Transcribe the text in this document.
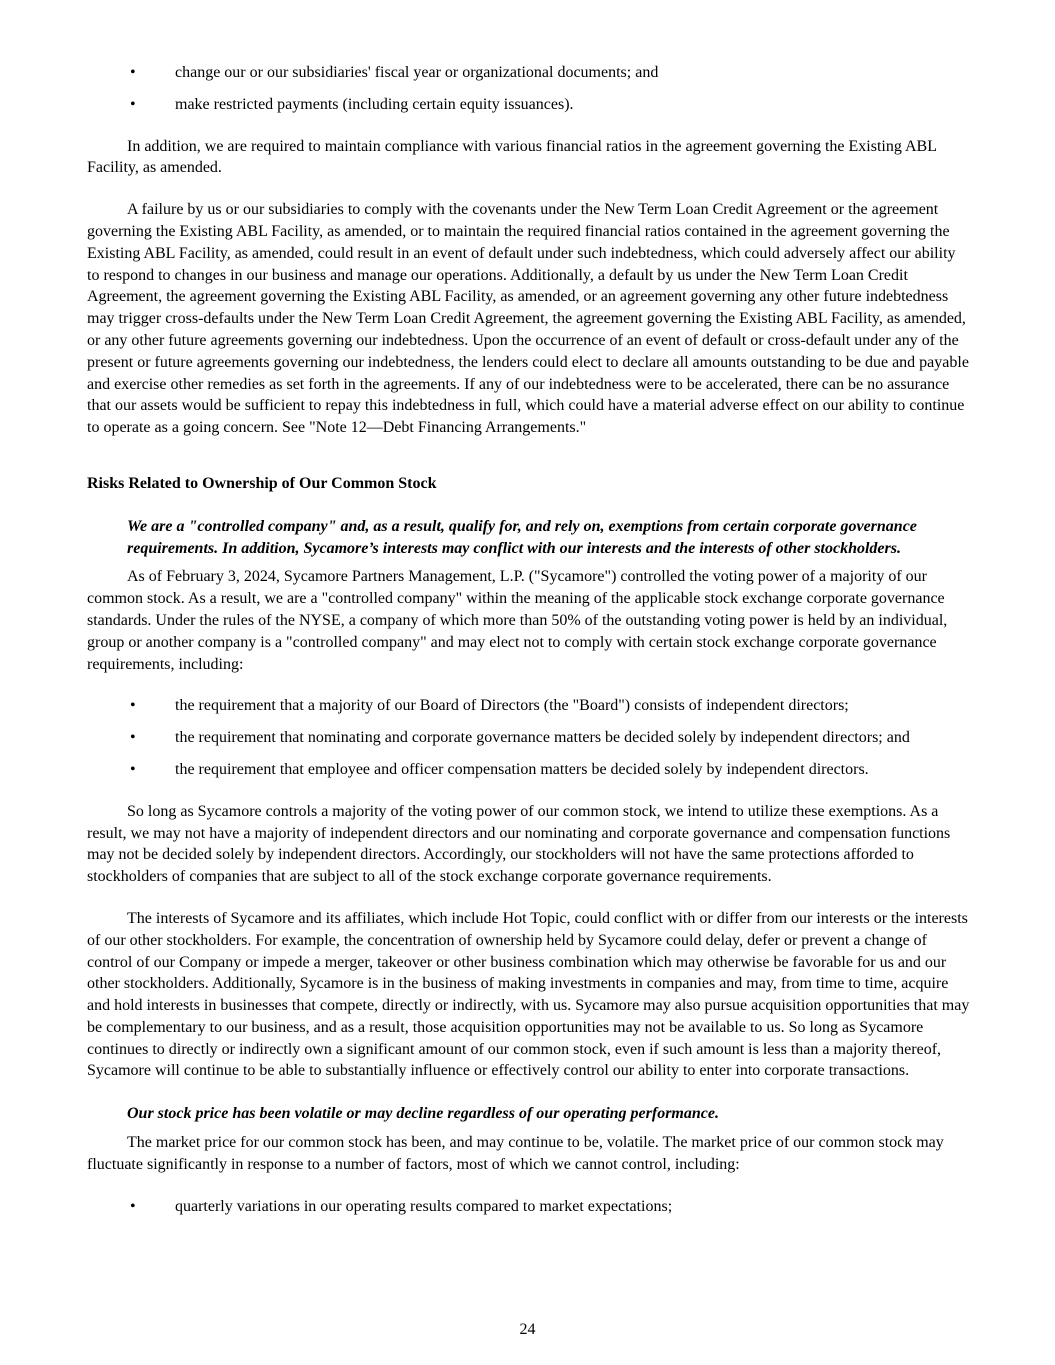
•	change our or our subsidiaries' fiscal year or organizational documents; and
•	make restricted payments (including certain equity issuances).

In addition, we are required to maintain compliance with various financial ratios in the agreement governing the Existing ABL Facility, as amended.

A failure by us or our subsidiaries to comply with the covenants under the New Term Loan Credit Agreement or the agreement governing the Existing ABL Facility, as amended, or to maintain the required financial ratios contained in the agreement governing the Existing ABL Facility, as amended, could result in an event of default under such indebtedness, which could adversely affect our ability to respond to changes in our business and manage our operations. Additionally, a default by us under the New Term Loan Credit Agreement, the agreement governing the Existing ABL Facility, as amended, or an agreement governing any other future indebtedness may trigger cross-defaults under the New Term Loan Credit Agreement, the agreement governing the Existing ABL Facility, as amended, or any other future agreements governing our indebtedness. Upon the occurrence of an event of default or cross-default under any of the present or future agreements governing our indebtedness, the lenders could elect to declare all amounts outstanding to be due and payable and exercise other remedies as set forth in the agreements. If any of our indebtedness were to be accelerated, there can be no assurance that our assets would be sufficient to repay this indebtedness in full, which could have a material adverse effect on our ability to continue to operate as a going concern. See "Note 12—Debt Financing Arrangements."

Risks Related to Ownership of Our Common Stock
We are a "controlled company" and, as a result, qualify for, and rely on, exemptions from certain corporate governance requirements. In addition, Sycamore’s interests may conflict with our interests and the interests of other stockholders.

As of February 3, 2024, Sycamore Partners Management, L.P. ("Sycamore") controlled the voting power of a majority of our common stock. As a result, we are a "controlled company" within the meaning of the applicable stock exchange corporate governance standards. Under the rules of the NYSE, a company of which more than 50% of the outstanding voting power is held by an individual, group or another company is a "controlled company" and may elect not to comply with certain stock exchange corporate governance requirements, including:

•	the requirement that a majority of our Board of Directors (the "Board") consists of independent directors;
•	the requirement that nominating and corporate governance matters be decided solely by independent directors; and
•	the requirement that employee and officer compensation matters be decided solely by independent directors.

So long as Sycamore controls a majority of the voting power of our common stock, we intend to utilize these exemptions. As a result, we may not have a majority of independent directors and our nominating and corporate governance and compensation functions may not be decided solely by independent directors. Accordingly, our stockholders will not have the same protections afforded to stockholders of companies that are subject to all of the stock exchange corporate governance requirements.

The interests of Sycamore and its affiliates, which include Hot Topic, could conflict with or differ from our interests or the interests of our other stockholders. For example, the concentration of ownership held by Sycamore could delay, defer or prevent a change of control of our Company or impede a merger, takeover or other business combination which may otherwise be favorable for us and our other stockholders. Additionally, Sycamore is in the business of making investments in companies and may, from time to time, acquire and hold interests in businesses that compete, directly or indirectly, with us. Sycamore may also pursue acquisition opportunities that may be complementary to our business, and as a result, those acquisition opportunities may not be available to us. So long as Sycamore continues to directly or indirectly own a significant amount of our common stock, even if such amount is less than a majority thereof, Sycamore will continue to be able to substantially influence or effectively control our ability to enter into corporate transactions.

Our stock price has been volatile or may decline regardless of our operating performance.

The market price for our common stock has been, and may continue to be, volatile. The market price of our common stock may fluctuate significantly in response to a number of factors, most of which we cannot control, including:

•	quarterly variations in our operating results compared to market expectations;
24
